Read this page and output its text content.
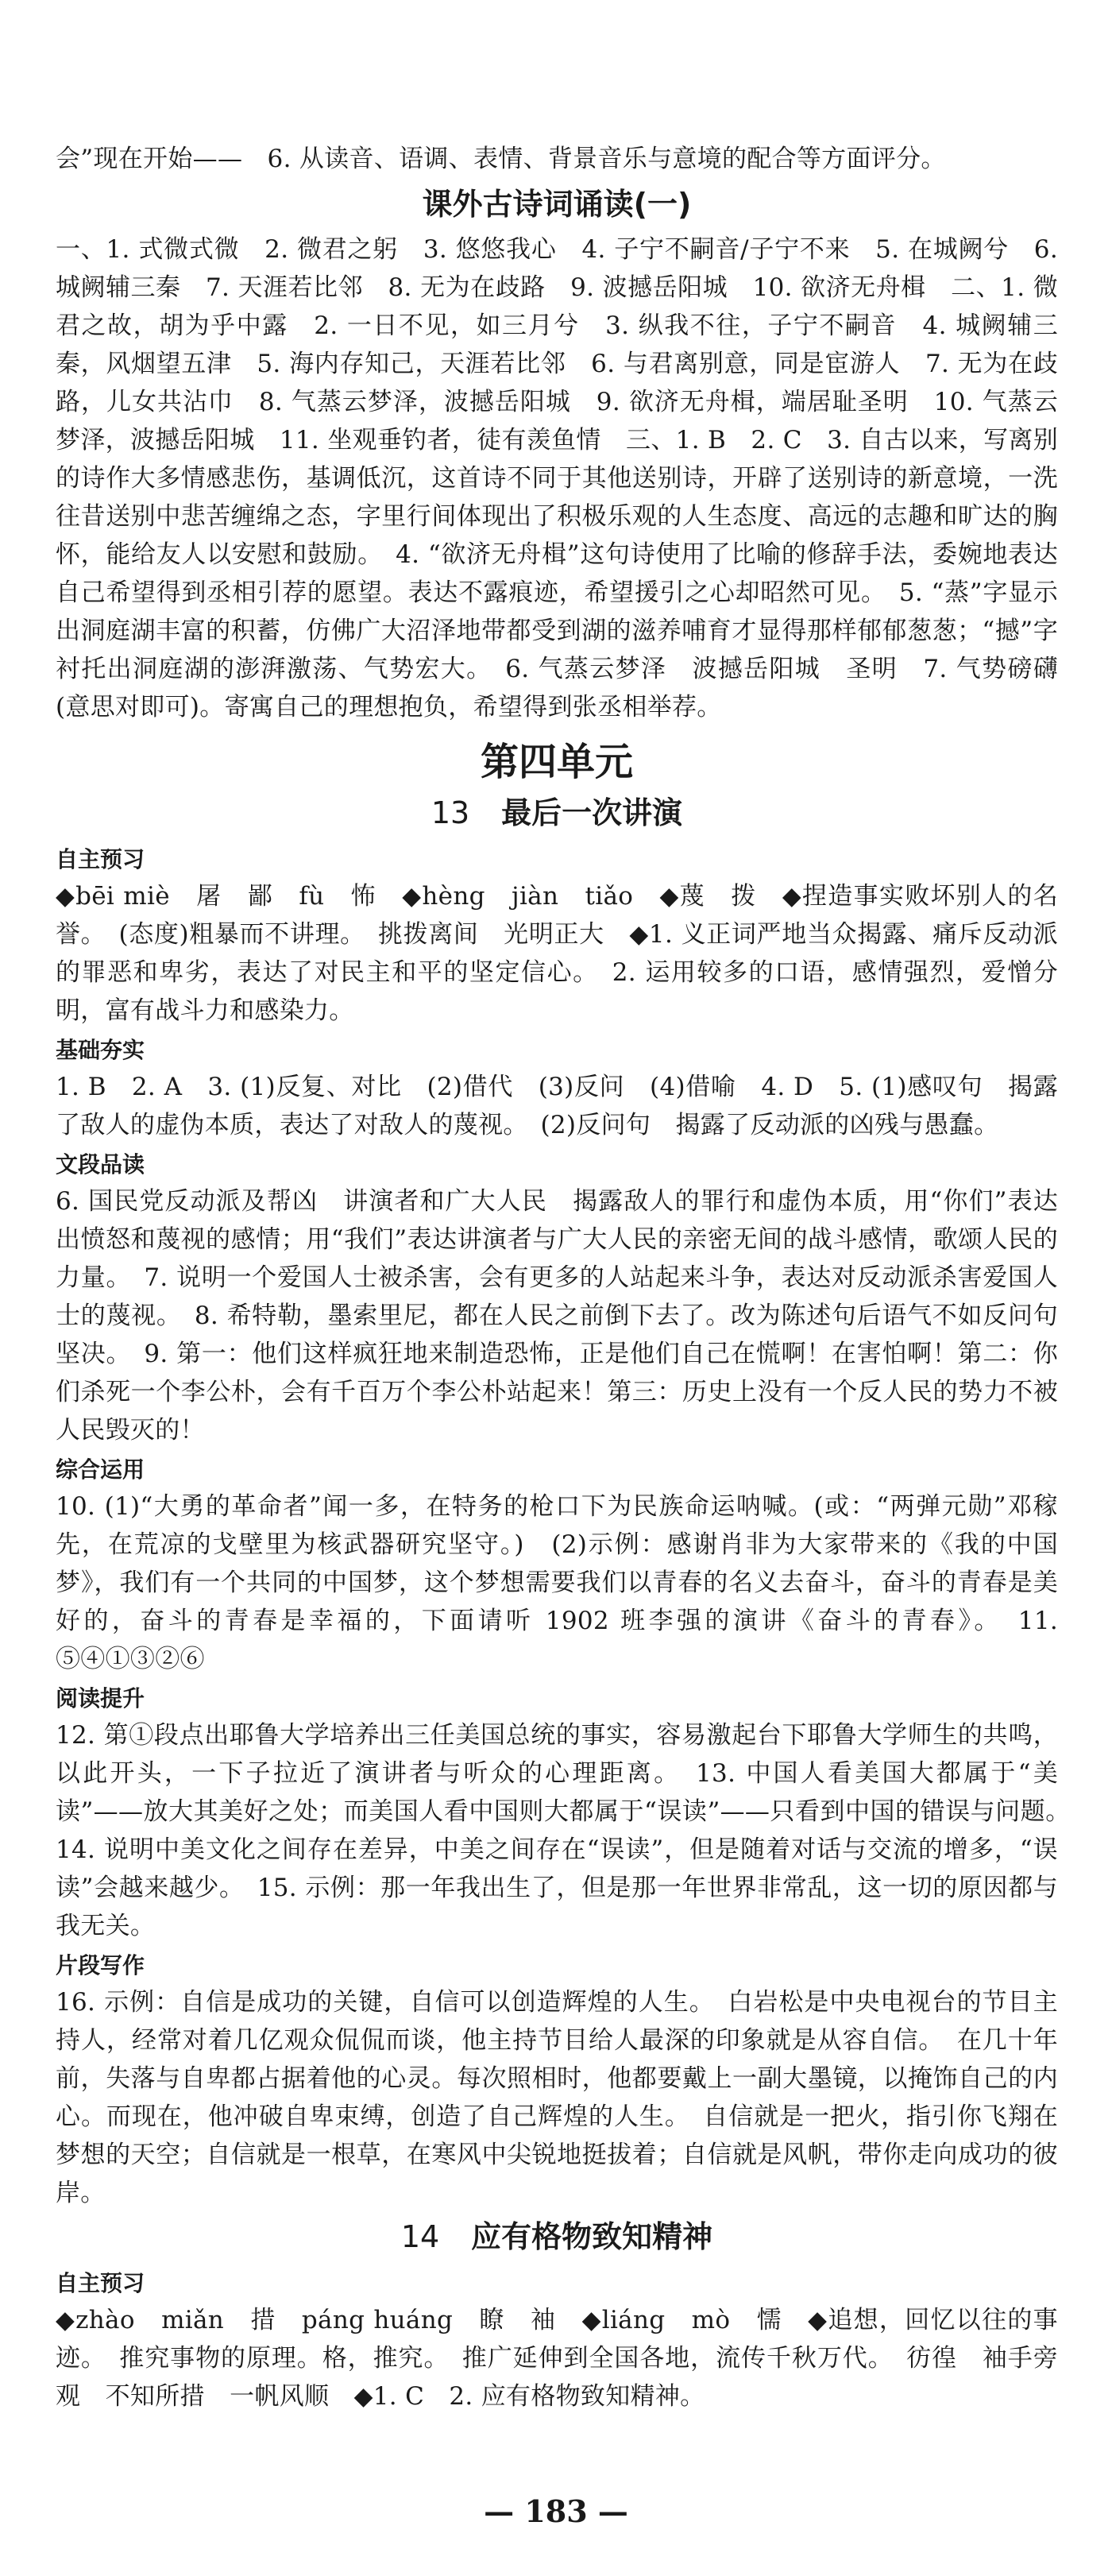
会”现在开始——　6. 从读音、语调、表情、背景音乐与意境的配合等方面评分。

课外古诗词诵读(一)

一、1. 式微式微　2. 微君之躬　3. 悠悠我心　4. 子宁不嗣音/子宁不来　5. 在城阙兮　6. 城阙辅三秦　7. 天涯若比邻　8. 无为在歧路　9. 波撼岳阳城　10. 欲济无舟楫　二、1. 微君之故，胡为乎中露　2. 一日不见，如三月兮　3. 纵我不往，子宁不嗣音　4. 城阙辅三秦，风烟望五津　5. 海内存知己，天涯若比邻　6. 与君离别意，同是宦游人　7. 无为在歧路，儿女共沾巾　8. 气蒸云梦泽，波撼岳阳城　9. 欲济无舟楫，端居耻圣明　10. 气蒸云梦泽，波撼岳阳城　11. 坐观垂钓者，徒有羡鱼情　三、1. B　2. C　3. 自古以来，写离别的诗作大多情感悲伤，基调低沉，这首诗不同于其他送别诗，开辟了送别诗的新意境，一洗往昔送别中悲苦缠绵之态，字里行间体现出了积极乐观的人生态度、高远的志趣和旷达的胸怀，能给友人以安慰和鼓励。　4. “欲济无舟楫”这句诗使用了比喻的修辞手法，委婉地表达自己希望得到丞相引荐的愿望。表达不露痕迹，希望援引之心却昭然可见。　5. “蒸”字显示出洞庭湖丰富的积蓄，仿佛广大沼泽地带都受到湖的滋养哺育才显得那样郁郁葱葱；“撼”字衬托出洞庭湖的澎湃激荡、气势宏大。　6. 气蒸云梦泽　波撼岳阳城　圣明　7. 气势磅礴(意思对即可)。寄寓自己的理想抱负，希望得到张丞相举荐。

第四单元
13 最后一次讲演
自主预习

◆bēi miè　屠　鄙　fù　怖　◆hèng　jiàn　tiǎo　◆蔑　拨　◆捏造事实败坏别人的名誉。　(态度)粗暴而不讲理。　挑拨离间　光明正大　◆1. 义正词严地当众揭露、痛斥反动派的罪恶和卑劣，表达了对民主和平的坚定信心。　2. 运用较多的口语，感情强烈，爱憎分明，富有战斗力和感染力。

基础夯实

1. B　2. A　3. (1)反复、对比　(2)借代　(3)反问　(4)借喻　4. D　5. (1)感叹句　揭露了敌人的虚伪本质，表达了对敌人的蔑视。　(2)反问句　揭露了反动派的凶残与愚蠢。

文段品读

6. 国民党反动派及帮凶　讲演者和广大人民　揭露敌人的罪行和虚伪本质，用“你们”表达出愤怒和蔑视的感情；用“我们”表达讲演者与广大人民的亲密无间的战斗感情，歌颂人民的力量。　7. 说明一个爱国人士被杀害，会有更多的人站起来斗争，表达对反动派杀害爱国人士的蔑视。　8. 希特勒，墨索里尼，都在人民之前倒下去了。改为陈述句后语气不如反问句坚决。　9. 第一：他们这样疯狂地来制造恐怖，正是他们自己在慌啊！在害怕啊！第二：你们杀死一个李公朴，会有千百万个李公朴站起来！第三：历史上没有一个反人民的势力不被人民毁灭的！

综合运用

10. (1)“大勇的革命者”闻一多，在特务的枪口下为民族命运呐喊。(或：“两弹元勋”邓稼先，在荒凉的戈壁里为核武器研究坚守。)　(2)示例：感谢肖非为大家带来的《我的中国梦》，我们有一个共同的中国梦，这个梦想需要我们以青春的名义去奋斗，奋斗的青春是美好的，奋斗的青春是幸福的，下面请听 1902 班李强的演讲《奋斗的青春》。　11. ⑤④①③②⑥

阅读提升

12. 第①段点出耶鲁大学培养出三任美国总统的事实，容易激起台下耶鲁大学师生的共鸣，以此开头，一下子拉近了演讲者与听众的心理距离。　13. 中国人看美国大都属于“美读”——放大其美好之处；而美国人看中国则大都属于“误读”——只看到中国的错误与问题。　14. 说明中美文化之间存在差异，中美之间存在“误读”，但是随着对话与交流的增多，“误读”会越来越少。　15. 示例：那一年我出生了，但是那一年世界非常乱，这一切的原因都与我无关。

片段写作

16. 示例：自信是成功的关键，自信可以创造辉煌的人生。　白岩松是中央电视台的节目主持人，经常对着几亿观众侃侃而谈，他主持节目给人最深的印象就是从容自信。　在几十年前，失落与自卑都占据着他的心灵。每次照相时，他都要戴上一副大墨镜，以掩饰自己的内心。而现在，他冲破自卑束缚，创造了自己辉煌的人生。　自信就是一把火，指引你飞翔在梦想的天空；自信就是一根草，在寒风中尖锐地挺拔着；自信就是风帆，带你走向成功的彼岸。

14 应有格物致知精神
自主预习

◆zhào　miǎn　措　páng huáng　瞭　袖　◆liáng　mò　懦　◆追想，回忆以往的事迹。　推究事物的原理。格，推究。　推广延伸到全国各地，流传千秋万代。　彷徨　袖手旁观　不知所措　一帆风顺　◆1. C　2. 应有格物致知精神。

— 183 —
